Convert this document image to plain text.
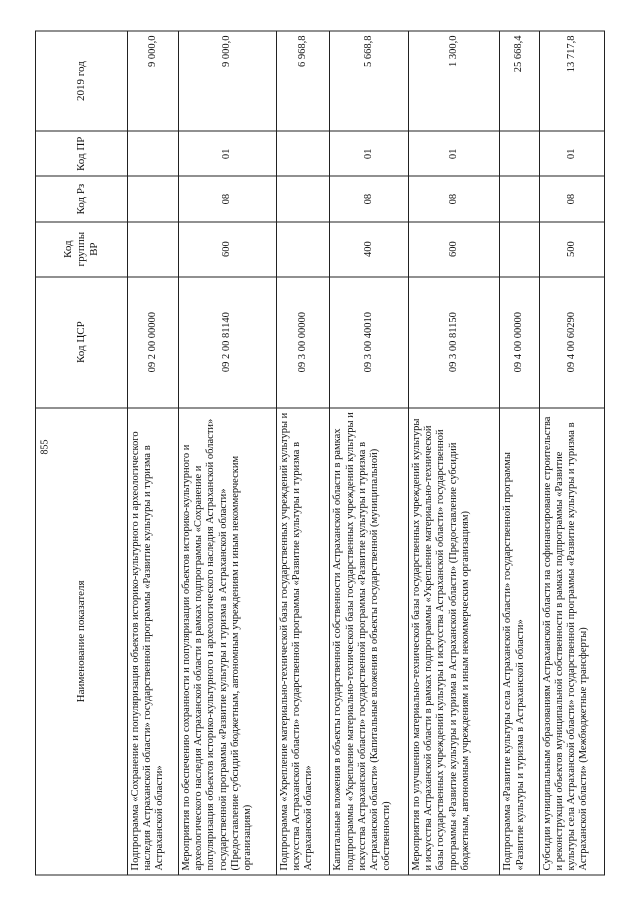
855
Наименование показателя	Код ЦСР	Код группы ВР	Код Рз	Код ПР	2019 год
Подпрограмма «Сохранение и популяризация объектов историко-культурного и археологического наследия Астраханской области» государственной программы «Развитие культуры и туризма в Астраханской области»	09 2 00 00000				9 000,0
Мероприятия по обеспечению сохранности и популяризации объектов историко-культурного и археологического наследия Астраханской области в рамках подпрограммы «Сохранение и популяризация объектов историко-культурного и археологического наследия Астраханской области» государственной программы «Развитие культуры и туризма в Астраханской области» (Предоставление субсидий бюджетным, автономным учреждениям и иным некоммерческим организациям)	09 2 00 81140	600	08	01	9 000,0
Подпрограмма «Укрепление материально-технической базы государственных учреждений культуры и искусства Астраханской области» государственной программы «Развитие культуры и туризма в Астраханской области»	09 3 00 00000				6 968,8
Капитальные вложения в объекты государственной собственности Астраханской области в рамках подпрограммы «Укрепление материально-технической базы государственных учреждений культуры и искусства Астраханской области» государственной программы «Развитие культуры и туризма в Астраханской области» (Капитальные вложения в объекты государственной (муниципальной) собственности)	09 3 00 40010	400	08	01	5 668,8
Мероприятия по улучшению материально-технической базы государственных учреждений культуры и искусства Астраханской области в рамках подпрограммы «Укрепление материально-технической базы государственных учреждений культуры и искусства Астраханской области» государственной программы «Развитие культуры и туризма в Астраханской области» (Предоставление субсидий бюджетным, автономным учреждениям и иным некоммерческим организациям)	09 3 00 81150	600	08	01	1 300,0
Подпрограмма «Развитие культуры села Астраханской области» государственной программы «Развитие культуры и туризма в Астраханской области»	09 4 00 00000				25 668,4
Субсидии муниципальным образованиям Астраханской области на софинансирование строительства и реконструкции объектов муниципальной собственности в рамках подпрограммы «Развитие культуры села Астраханской области» государственной программы «Развитие культуры и туризма в Астраханской области» (Межбюджетные трансферты)	09 4 00 60290	500	08	01	13 717,8
